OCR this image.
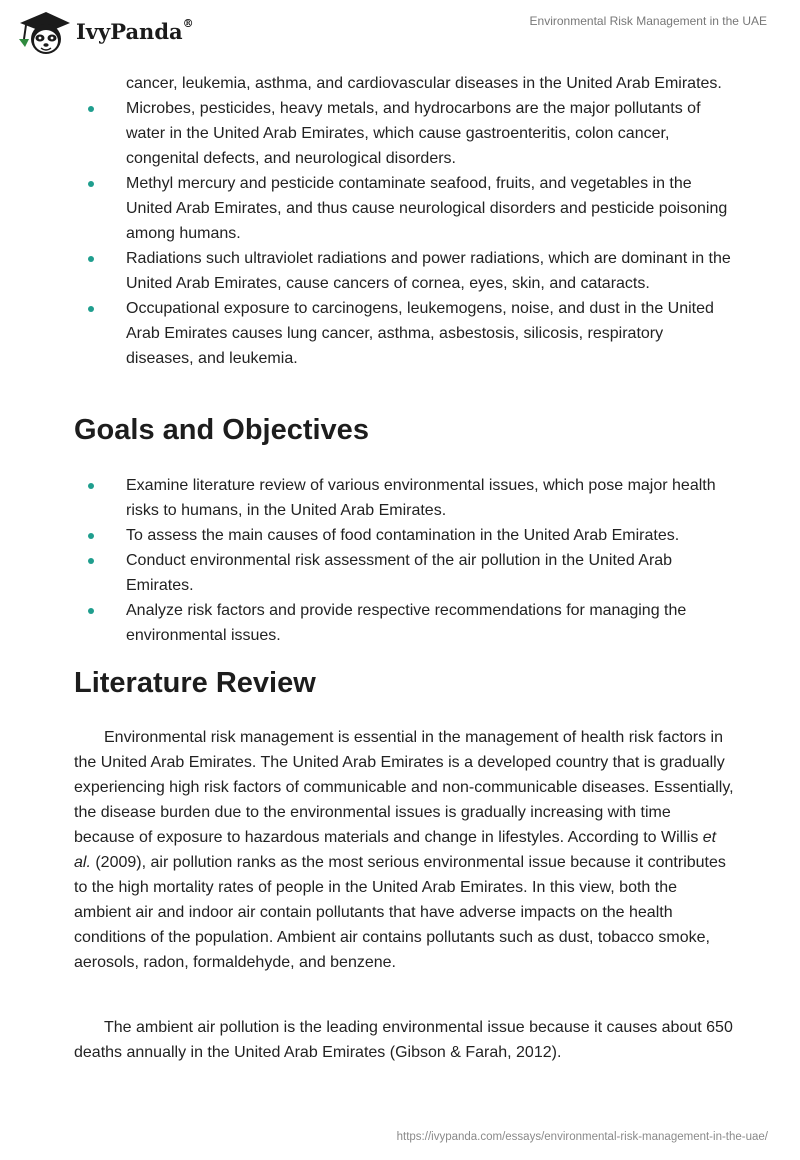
IvyPanda®	Environmental Risk Management in the UAE
cancer, leukemia, asthma, and cardiovascular diseases in the United Arab Emirates.
Microbes, pesticides, heavy metals, and hydrocarbons are the major pollutants of water in the United Arab Emirates, which cause gastroenteritis, colon cancer, congenital defects, and neurological disorders.
Methyl mercury and pesticide contaminate seafood, fruits, and vegetables in the United Arab Emirates, and thus cause neurological disorders and pesticide poisoning among humans.
Radiations such ultraviolet radiations and power radiations, which are dominant in the United Arab Emirates, cause cancers of cornea, eyes, skin, and cataracts.
Occupational exposure to carcinogens, leukemogens, noise, and dust in the United Arab Emirates causes lung cancer, asthma, asbestosis, silicosis, respiratory diseases, and leukemia.
Goals and Objectives
Examine literature review of various environmental issues, which pose major health risks to humans, in the United Arab Emirates.
To assess the main causes of food contamination in the United Arab Emirates.
Conduct environmental risk assessment of the air pollution in the United Arab Emirates.
Analyze risk factors and provide respective recommendations for managing the environmental issues.
Literature Review

Environmental risk management is essential in the management of health risk factors in the United Arab Emirates. The United Arab Emirates is a developed country that is gradually experiencing high risk factors of communicable and non-communicable diseases. Essentially, the disease burden due to the environmental issues is gradually increasing with time because of exposure to hazardous materials and change in lifestyles. According to Willis et al. (2009), air pollution ranks as the most serious environmental issue because it contributes to the high mortality rates of people in the United Arab Emirates. In this view, both the ambient air and indoor air contain pollutants that have adverse impacts on the health conditions of the population. Ambient air contains pollutants such as dust, tobacco smoke, aerosols, radon, formaldehyde, and benzene.

The ambient air pollution is the leading environmental issue because it causes about 650 deaths annually in the United Arab Emirates (Gibson & Farah, 2012).

https://ivypanda.com/essays/environmental-risk-management-in-the-uae/
